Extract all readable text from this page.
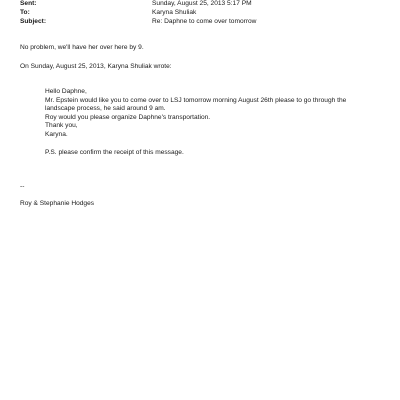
Sent:	Sunday, August 25, 2013 5:17 PM
To:	Karyna Shuliak
Subject:	Re: Daphne to come over tomorrow
No problem, we'll have her over here by 9.
On Sunday, August 25, 2013, Karyna Shuliak wrote:
Hello Daphne,
Mr. Epstein would like you to come over to LSJ tomorrow morning August 26th please to go through the
landscape process, he said around 9 am.
Roy would you please organize Daphne's transportation.
Thank you,
Karyna.
P.S. please confirm the receipt of this message.
--
Roy & Stephanie Hodges
